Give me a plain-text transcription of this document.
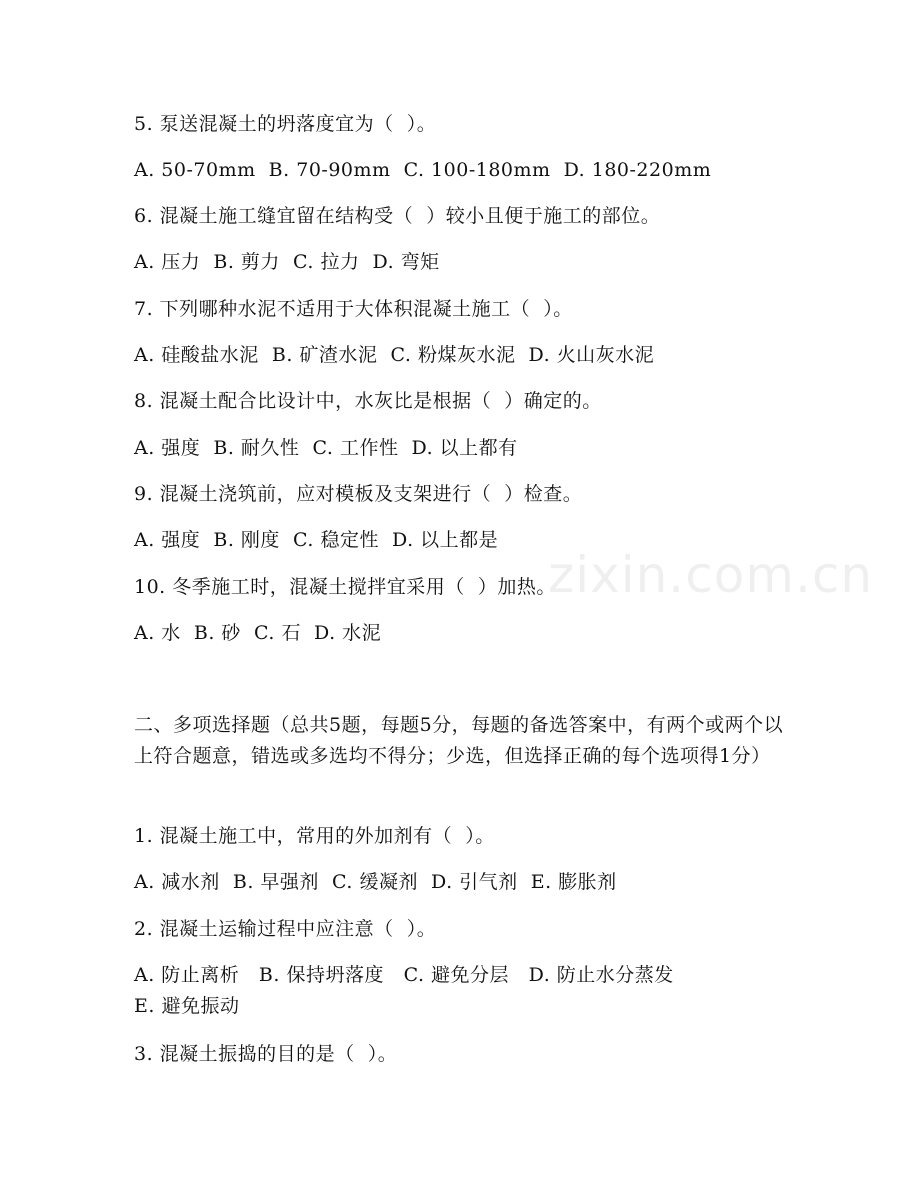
5. 泵送混凝土的坍落度宜为（  ）。
A. 50-70mm  B. 70-90mm  C. 100-180mm  D. 180-220mm
6. 混凝土施工缝宜留在结构受（  ）较小且便于施工的部位。
A. 压力  B. 剪力  C. 拉力  D. 弯矩
7. 下列哪种水泥不适用于大体积混凝土施工（  ）。
A. 硅酸盐水泥  B. 矿渣水泥  C. 粉煤灰水泥  D. 火山灰水泥
8. 混凝土配合比设计中，水灰比是根据（  ）确定的。
A. 强度  B. 耐久性  C. 工作性  D. 以上都有
9. 混凝土浇筑前，应对模板及支架进行（  ）检查。
A. 强度  B. 刚度  C. 稳定性  D. 以上都是
10. 冬季施工时，混凝土搅拌宜采用（  ）加热。
A. 水  B. 砂  C. 石  D. 水泥
二、多项选择题（总共5题，每题5分，每题的备选答案中，有两个或两个以上符合题意，错选或多选均不得分；少选，但选择正确的每个选项得1分）
1. 混凝土施工中，常用的外加剂有（  ）。
A. 减水剂  B. 早强剂  C. 缓凝剂  D. 引气剂  E. 膨胀剂
2. 混凝土运输过程中应注意（  ）。
A. 防止离析   B. 保持坍落度   C. 避免分层   D. 防止水分蒸发
E. 避免振动
3. 混凝土振捣的目的是（  ）。
zixin.com.cn
